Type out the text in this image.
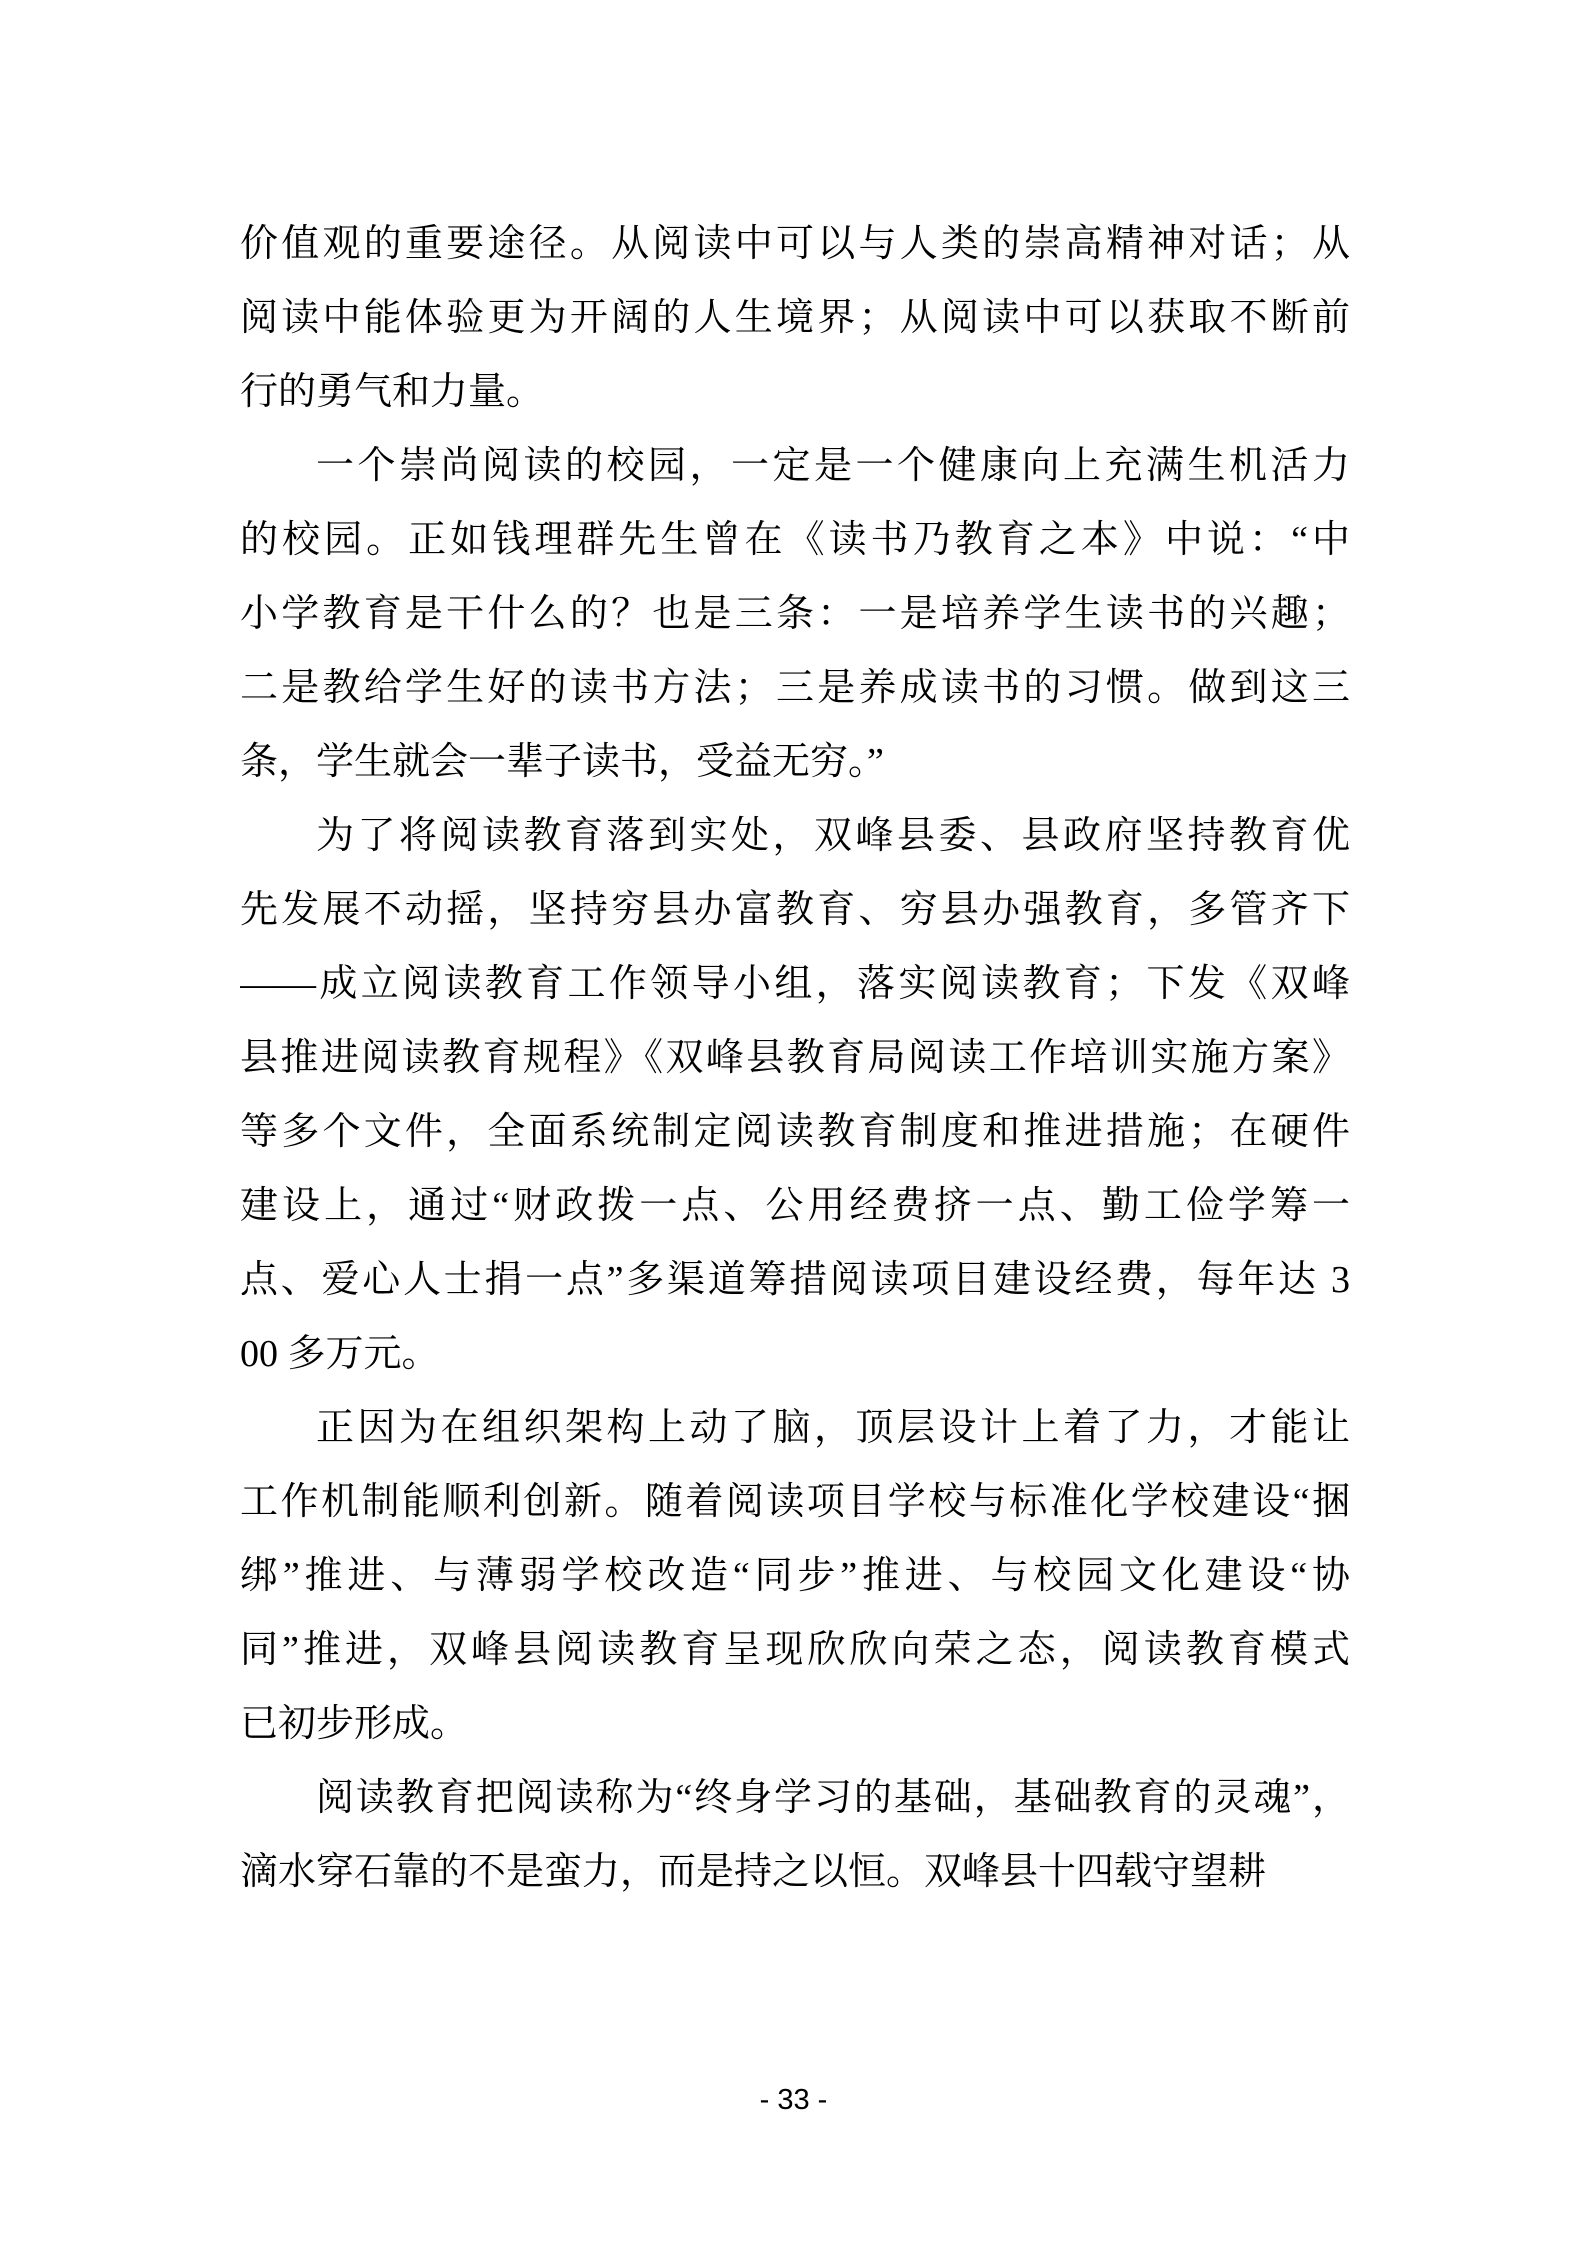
价值观的重要途径。从阅读中可以与人类的崇高精神对话；从
阅读中能体验更为开阔的人生境界；从阅读中可以获取不断前
行的勇气和力量。
一个崇尚阅读的校园，一定是一个健康向上充满生机活力
的校园。正如钱理群先生曾在《读书乃教育之本》中说：“中
小学教育是干什么的？也是三条：一是培养学生读书的兴趣；
二是教给学生好的读书方法；三是养成读书的习惯。做到这三
条，学生就会一辈子读书，受益无穷。”
为了将阅读教育落到实处，双峰县委、县政府坚持教育优
先发展不动摇，坚持穷县办富教育、穷县办强教育，多管齐下
——成立阅读教育工作领导小组，落实阅读教育；下发《双峰
县推进阅读教育规程》《双峰县教育局阅读工作培训实施方案》
等多个文件，全面系统制定阅读教育制度和推进措施；在硬件
建设上，通过“财政拨一点、公用经费挤一点、勤工俭学筹一
点、爱心人士捐一点”多渠道筹措阅读项目建设经费，每年达 3
00 多万元。
正因为在组织架构上动了脑，顶层设计上着了力，才能让
工作机制能顺利创新。随着阅读项目学校与标准化学校建设“捆
绑”推进、与薄弱学校改造“同步”推进、与校园文化建设“协
同”推进，双峰县阅读教育呈现欣欣向荣之态，阅读教育模式
已初步形成。
阅读教育把阅读称为“终身学习的基础，基础教育的灵魂”，
滴水穿石靠的不是蛮力，而是持之以恒。双峰县十四载守望耕
- 33 -
